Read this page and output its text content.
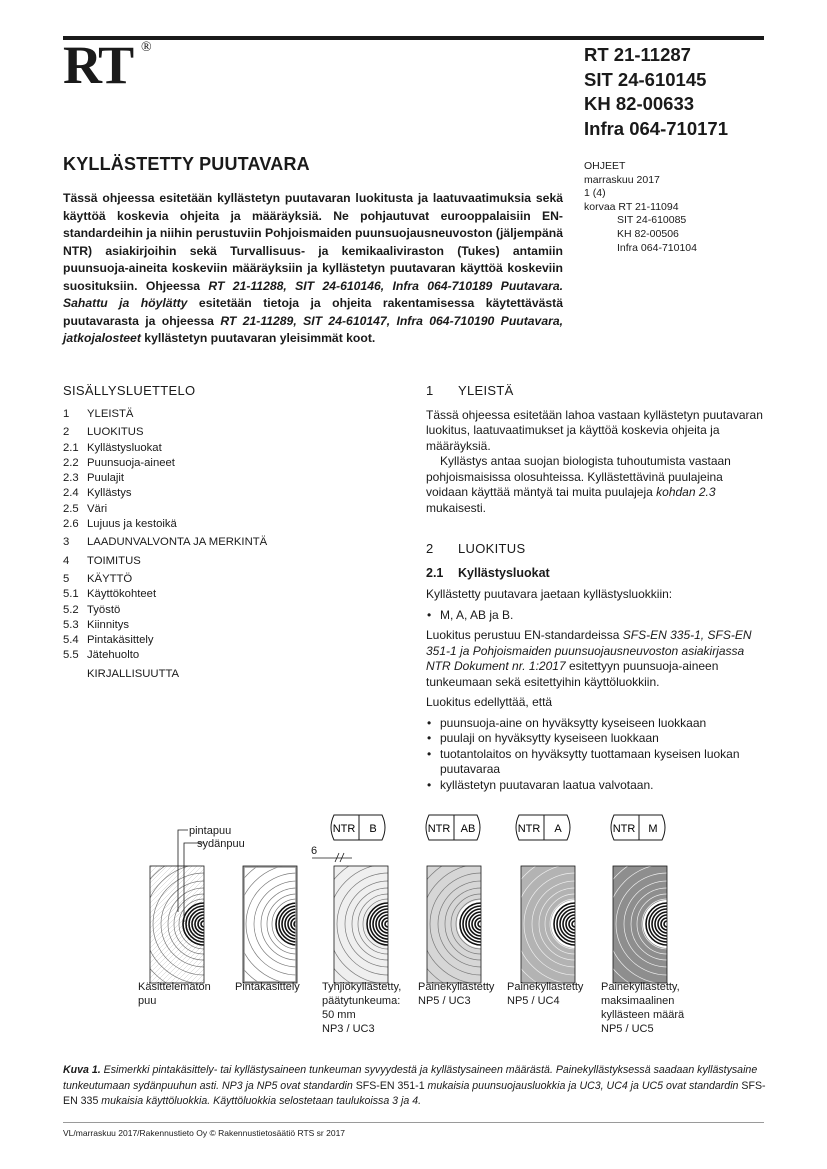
RT ®	RT 21-11287
SIT 24-610145
KH 82-00633
Infra 064-710171
KYLLÄSTETTY PUUTAVARA	OHJEET
marraskuu 2017
1 (4)
korvaa RT 21-11094
SIT 24-610085
KH 82-00506
Infra 064-710104

Tässä ohjeessa esitetään kyllästetyn puutavaran luokitusta ja laatuvaatimuksia sekä käyttöä koskevia ohjeita ja määräyksiä. Ne pohjautuvat eurooppalaisiin EN-standardeihin ja niihin perustuviin Pohjoismaiden puunsuojausneuvoston (jäljempänä NTR) asiakirjoihin sekä Turvallisuus- ja kemikaaliviraston (Tukes) antamiin puunsuoja-aineita koskeviin määräyksiin ja kyllästetyn puutavaran käyttöä koskeviin suosituksiin. Ohjeessa RT 21-11288, SIT 24-610146, Infra 064-710189 Puutavara. Sahattu ja höylätty esitetään tietoja ja ohjeita rakentamisessa käytettävästä puutavarasta ja ohjeessa RT 21-11289, SIT 24-610147, Infra 064-710190 Puutavara, jatkojalosteet kyllästetyn puutavaran yleisimmät koot.

SISÄLLYSLUETTELO
1 YLEISTÄ
2 LUOKITUS
2.1 Kyllästysluokat
2.2 Puunsuoja-aineet
2.3 Puulajit
2.4 Kyllästys
2.5 Väri
2.6 Lujuus ja kestoikä
3 LAADUNVALVONTA JA MERKINTÄ
4 TOIMITUS
5 KÄYTTÖ
5.1 Käyttökohteet
5.2 Työstö
5.3 Kiinnitys
5.4 Pintakäsittely
5.5 Jätehuolto
KIRJALLISUUTTA
1 YLEISTÄ

Tässä ohjeessa esitetään lahoa vastaan kyllästetyn puutavaran luokitus, laatuvaatimukset ja käyttöä koskevia ohjeita ja määräyksiä.

Kyllästys antaa suojan biologista tuhoutumista vastaan pohjoismaisissa olosuhteissa. Kyllästettävinä puulajeina voidaan käyttää mäntyä tai muita puulajeja kohdan 2.3 mukaisesti.

2 LUOKITUS
2.1 Kyllästysluokat

Kyllästetty puutavara jaetaan kyllästysluokkiin:

• M, A, AB ja B.

Luokitus perustuu EN-standardeissa SFS-EN 335-1, SFS-EN 351-1 ja Pohjoismaiden puunsuojausneuvoston asiakirjassa NTR Dokument nr. 1:2017 esitettyyn puunsuoja-aineen tunkeumaan sekä esitettyihin käyttöluokkiin.

Luokitus edellyttää, että

• puunsuoja-aine on hyväksytty kyseiseen luokkaan
• puulaji on hyväksytty kyseiseen luokkaan
• tuotantolaitos on hyväksytty tuottamaan kyseisen luokan puutavaraa
• kyllästetyn puutavaran laatua valvotaan.
pintapuu
sydänpuu
6
NTR B	NTR AB	NTR A	NTR M
Käsittelemätön
puu
Pintakäsittely Tyhjiökyllästetty,
päätytunkeuma:
50 mm
NP3 / UC3
Painekyllästetty
NP5 / UC3
Painekyllästetty
NP5 / UC4
Painekyllästetty,
maksimaalinen
kyllästeen määrä
NP5 / UC5

Kuva 1. Esimerkki pintakäsittely- tai kyllästysaineen tunkeuman syvyydestä ja kyllästysaineen määrästä. Painekyllästyksessä saadaan kyllästysaine tunkeutumaan sydänpuuhun asti. NP3 ja NP5 ovat standardin SFS-EN 351-1 mukaisia puunsuojausluokkia ja UC3, UC4 ja UC5 ovat standardin SFS-EN 335 mukaisia käyttöluokkia. Käyttöluokkia selostetaan taulukoissa 3 ja 4.

VL/marraskuu 2017/Rakennustieto Oy © Rakennustietosäätiö RTS sr 2017
